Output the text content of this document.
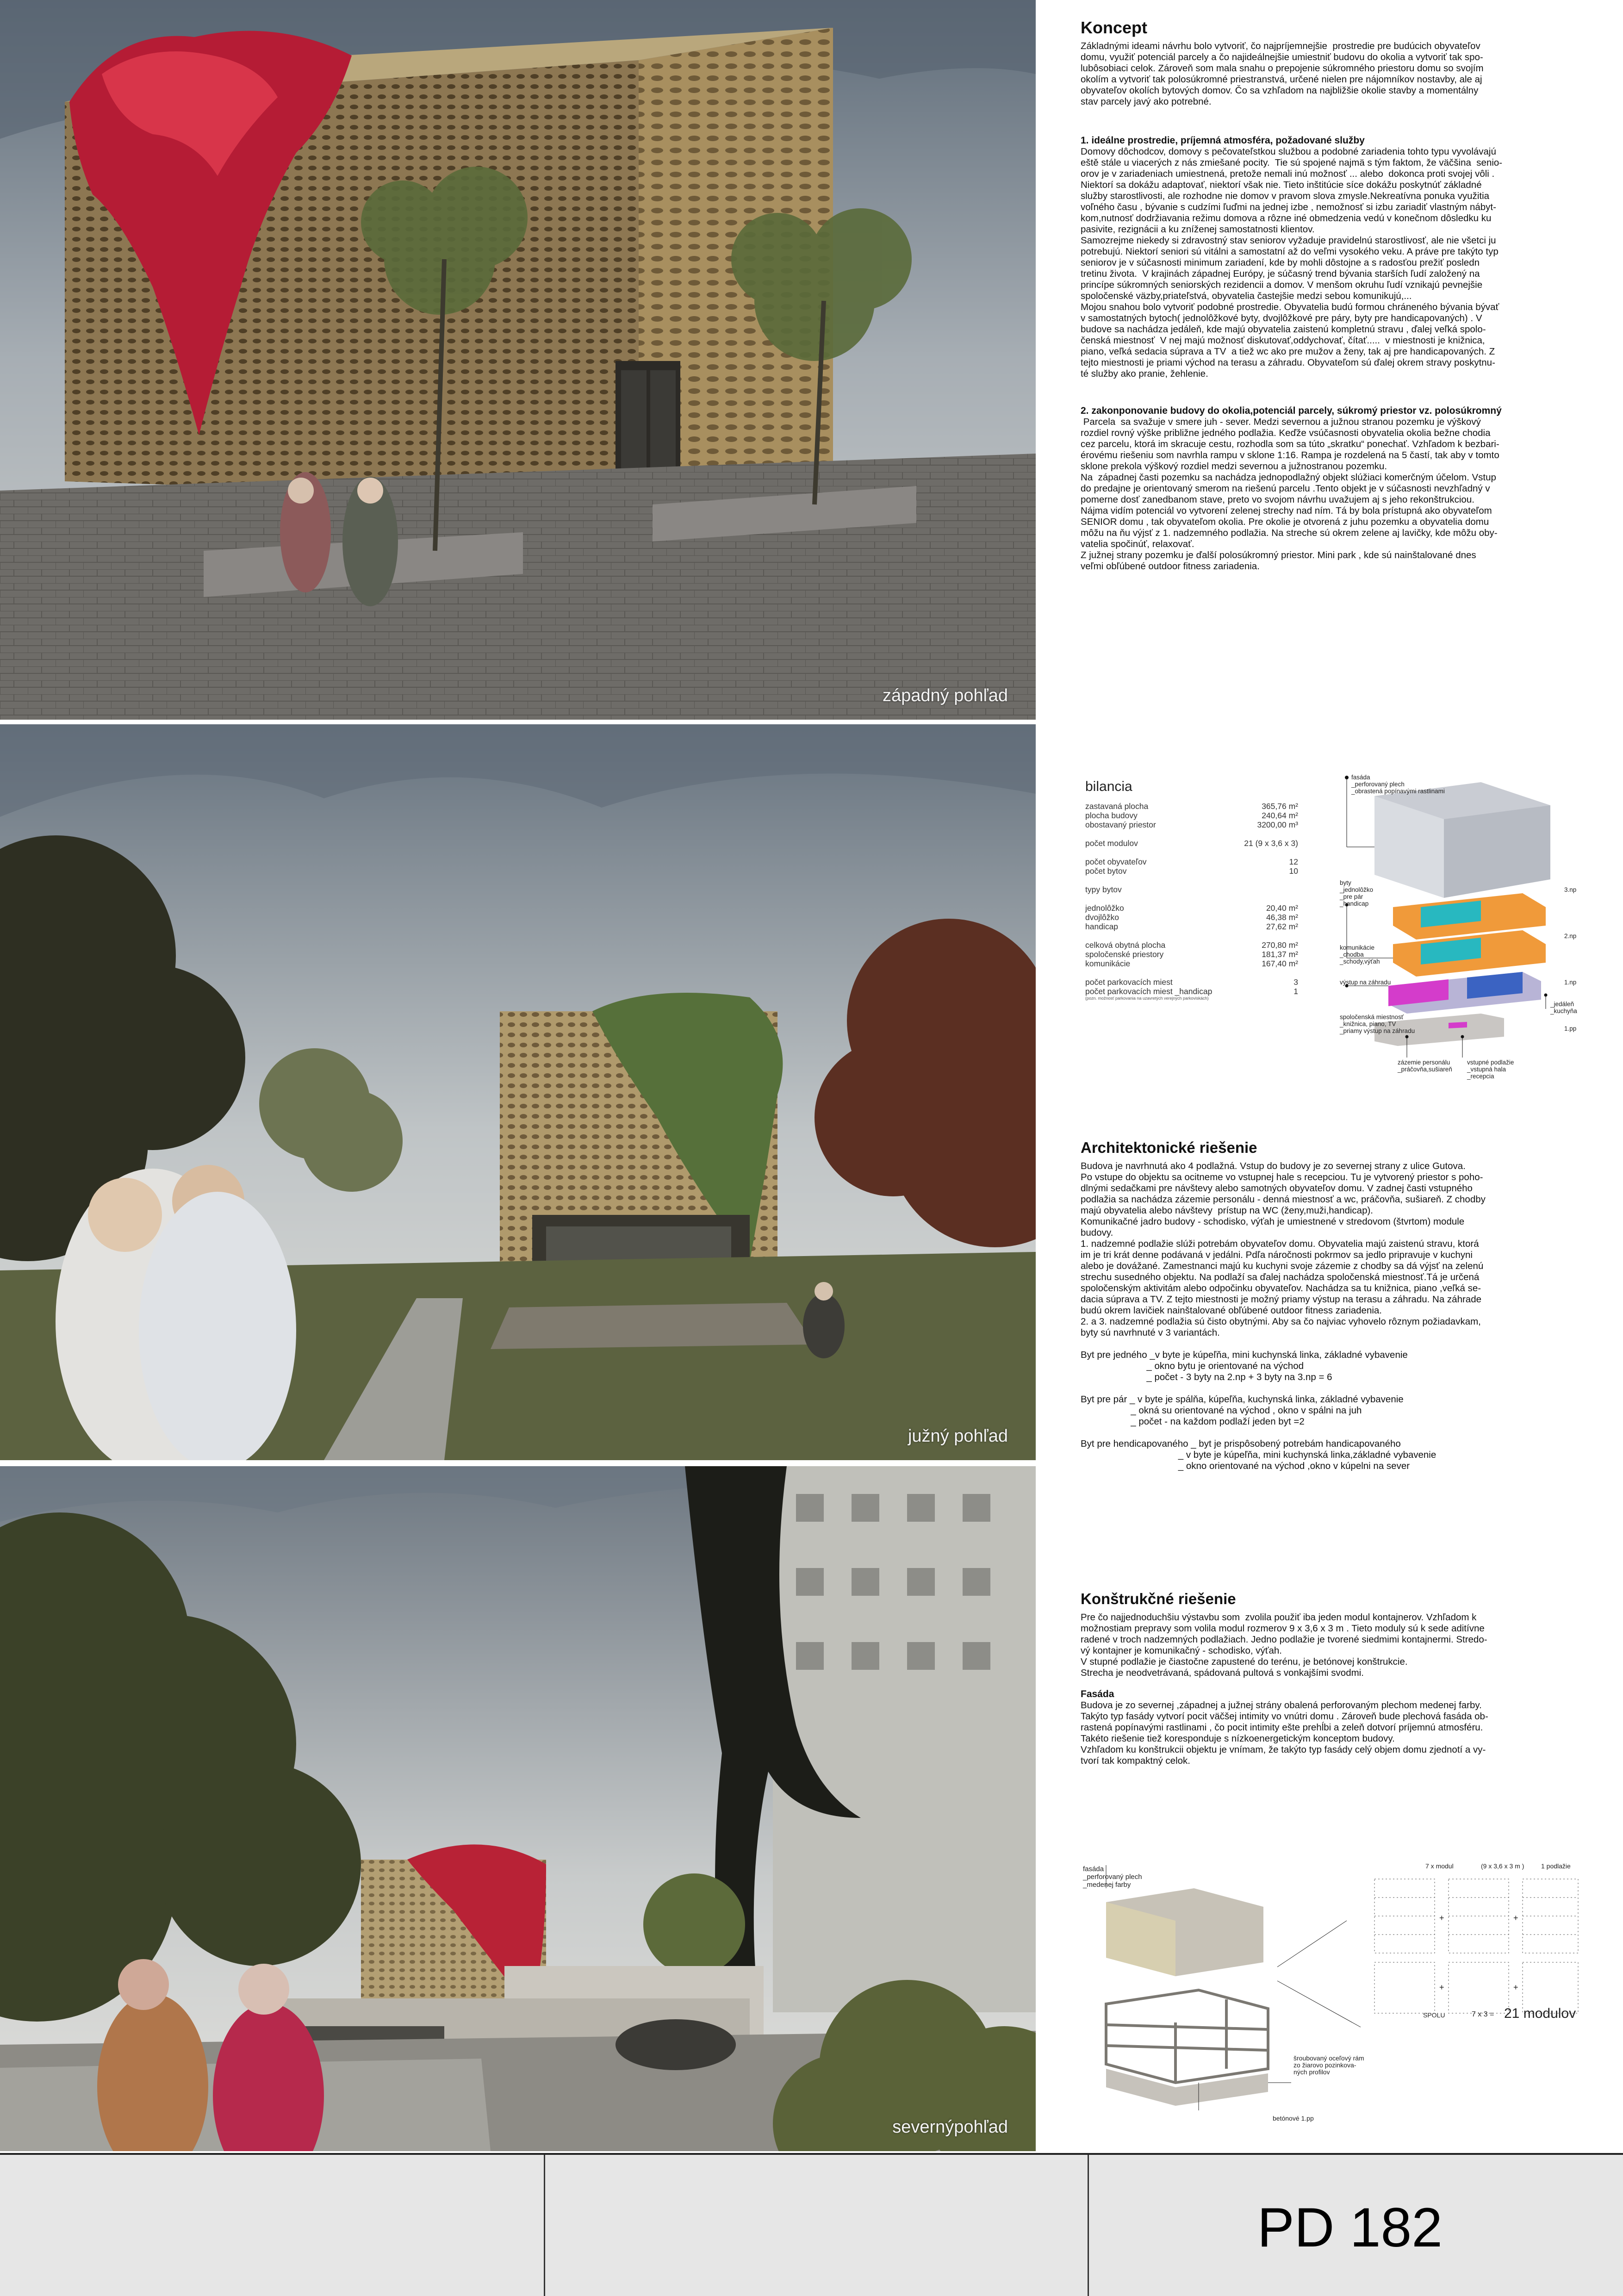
západný pohľad
južný pohľad
severnýpohľad
Koncept

Základnými ideami návrhu bolo vytvoriť, čo najpríjemnejšie  prostredie pre budúcich obyvateľov
domu, využiť potenciál parcely a čo najideálnejšie umiestniť budovu do okolia a vytvoriť tak spo-
lubôsobiaci celok. Zároveň som mala snahu o prepojenie súkromného priestoru domu so svojím
okolím a vytvoriť tak polosúkromné priestranstvá, určené nielen pre nájomníkov nostavby, ale aj
obyvateľov okolích bytových domov. Čo sa vzhľadom na najbližšie okolie stavby a momentálny
stav parcely javý ako potrebné.

1. ideálne prostredie, príjemná atmosféra, požadované služby

Domovy dôchodcov, domovy s pečovateľstkou službou a podobné zariadenia tohto typu vyvolávajú
eště stále u viacerých z nás zmiešané pocity.  Tie sú spojené najmä s tým faktom, že väčšina  senio-
orov je v zariadeniach umiestnená, pretože nemali inú možnosť ... alebo  dokonca proti svojej vôli .
Niektorí sa dokážu adaptovať, niektorí však nie. Tieto inštitúcie síce dokážu poskytnúť základné
služby starostlivosti, ale rozhodne nie domov v pravom slova zmysle.Nekreatívna ponuka využitia
voľného času , bývanie s cudzími ľuďmi na jednej izbe , nemožnosť si izbu zariadiť vlastným nábyt-
kom,nutnosť dodržiavania režimu domova a rôzne iné obmedzenia vedú v konečnom dôsledku ku
pasivite, rezignácii a ku zníženej samostatnosti klientov.
Samozrejme niekedy si zdravostný stav seniorov vyžaduje pravidelnú starostlivosť, ale nie všetci ju
potrebujú. Niektorí seniori sú vitálni a samostatní až do veľmi vysokého veku. A práve pre takýto typ
seniorov je v súčasnosti minimum zariadení, kde by mohli dôstojne a s radosťou prežiť posledn
tretinu života.  V krajinách západnej Európy, je súčasný trend bývania starších ľudí založený na
princípe súkromných seniorských rezidencii a domov. V menšom okruhu ľudí vznikajú pevnejšie
spoločenské väzby,priateľstvá, obyvatelia častejšie medzi sebou komunikujú,...
Mojou snahou bolo vytvoriť podobné prostredie. Obyvatelia budú formou chráneného bývania bývať
v samostatných bytoch( jednolôžkové byty, dvojlôžkové pre páry, byty pre handicapovaných) . V
budove sa nachádza jedáleň, kde majú obyvatelia zaistenú kompletnú stravu , ďalej veľká spolo-
čenská miestnosť  V nej majú možnosť diskutovať,oddychovať, čítať.....  v miestnosti je knižnica,
piano, veľká sedacia súprava a TV  a tiež wc ako pre mužov a ženy, tak aj pre handicapovaných. Z
tejto miestnosti je priami východ na terasu a záhradu. Obyvateľom sú ďalej okrem stravy poskytnu-
té služby ako pranie, žehlenie.

2. zakonponovanie budovy do okolia,potenciál parcely, súkromý priestor vz. polosúkromný

Parcela  sa svažuje v smere juh - sever. Medzi severnou a južnou stranou pozemku je výškový
rozdiel rovný výške približne jedného podlažia. Keďže vsúčasnosti obyvatelia okolia bežne chodia
cez parcelu, ktorá im skracuje cestu, rozhodla som sa túto „skratku“ ponechať. Vzhľadom k bezbari-
érovému riešeniu som navrhla rampu v sklone 1:16. Rampa je rozdelená na 5 častí, tak aby v tomto
sklone prekola výškový rozdiel medzi severnou a južnostranou pozemku.
Na  západnej časti pozemku sa nachádza jednopodlažný objekt slúžiaci komerčným účelom. Vstup
do predajne je orientovaný smerom na riešenú parcelu .Tento objekt je v súčasnosti nevzhľadný v
pomerne dosť zanedbanom stave, preto vo svojom návrhu uvažujem aj s jeho rekonštrukciou.
Nájma vidím potenciál vo vytvorení zelenej strechy nad ním. Tá by bola prístupná ako obyvateľom
SENIOR domu , tak obyvateľom okolia. Pre okolie je otvorená z juhu pozemku a obyvatelia domu
môžu na ňu výjsť z 1. nadzemného podlažia. Na streche sú okrem zelene aj lavičky, kde môžu oby-
vatelia spočinúť, relaxovať.
Z južnej strany pozemku je ďalší polosúkromný priestor. Mini park , kde sú nainštalované dnes
veľmi obľúbené outdoor fitness zariadenia.

bilancia
zastavaná plocha	365,76 m²
plocha budovy	240,64 m²
obostavaný priestor	3200,00 m³
počet modulov	21 (9 x 3,6 x 3)
počet obyvateľov	12
počet bytov	10
typy bytov
jednolôžko	20,40 m²
dvojlôžko	46,38 m²
handicap	27,62 m²
celková obytná plocha	270,80 m²
spoločenské priestory	181,37 m²
komunikácie	167,40 m²
počet parkovacích miest	3
počet parkovacích miest _handicap	1
(pozn. možnosť parkovania na uzavretých verejných parkoviskách)
fasáda
_perforovaný plech
_obrastená popínavými rastlinami
byty
_jednolôžko
_pre pár
_handicap
3.np
2.np
komunikácie
_chodba
_schody,výťah
výstup na záhradu	1.np
_jedáleň
_kuchyňa
spoločenská miestnosť
_knižnica, piano, TV
_priamy výstup na záhradu	1.pp
zázemie personálu
_práčovňa,sušiareň
vstupné podlažie
_vstupná hala
_recepcia
Architektonické riešenie

Budova je navrhnutá ako 4 podlažná. Vstup do budovy je zo severnej strany z ulice Gutova.
Po vstupe do objektu sa ocitneme vo vstupnej hale s recepciou. Tu je vytvorený priestor s poho-
dlnými sedačkami pre návštevy alebo samotných obyvateľov domu. V zadnej časti vstupného
podlažia sa nachádza zázemie personálu - denná miestnosť a wc, práčovňa, sušiareň. Z chodby
majú obyvatelia alebo návštevy  prístup na WC (ženy,muži,handicap).
Komunikačné jadro budovy - schodisko, výťah je umiestnené v stredovom (štvrtom) module
budovy.
1. nadzemné podlažie slúži potrebám obyvateľov domu. Obyvatelia majú zaistenú stravu, ktorá
im je tri krát denne podávaná v jedálni. Pdľa náročnosti pokrmov sa jedlo pripravuje v kuchyni
alebo je dovážané. Zamestnanci majú ku kuchyni svoje zázemie z chodby sa dá výjsť na zelenú
strechu susedného objektu. Na podlaží sa ďalej nachádza spoločenská miestnosť.Tá je určená
spoločenským aktivitám alebo odpočinku obyvateľov. Nachádza sa tu knižnica, piano ,veľká se-
dacia súprava a TV. Z tejto miestnosti je možný priamy výstup na terasu a záhradu. Na záhrade
budú okrem lavičiek nainštalované obľúbené outdoor fitness zariadenia.
2. a 3. nadzemné podlažia sú čisto obytnými. Aby sa čo najviac vyhovelo rôznym požiadavkam,
byty sú navrhnuté v 3 variantách.

Byt pre jedného _v byte je kúpeľňa, mini kuchynská linka, základné vybavenie
_ okno bytu je orientované na východ
_ počet - 3 byty na 2.np + 3 byty na 3.np = 6

Byt pre pár _ v byte je spálňa, kúpeľňa, kuchynská linka, základné vybavenie
_ okná su orientované na východ , okno v spálni na juh
_ počet - na každom podlaží jeden byt =2

Byt pre hendicapovaného _ byt je prispôsobený potrebám handicapovaného
_ v byte je kúpeľňa, mini kuchynská linka,základné vybavenie
_ okno orientované na východ ,okno v kúpelni na sever

Konštrukčné riešenie

Pre čo najjednoduchšiu výstavbu som  zvolila použiť iba jeden modul kontajnerov. Vzhľadom k
možnostiam prepravy som volila modul rozmerov 9 x 3,6 x 3 m . Tieto moduly sú k sede aditívne
radené v troch nadzemných podlažiach. Jedno podlažie je tvorené siedmimi kontajnermi. Stredo-
vý kontajner je komunikačný - schodisko, výťah.
V stupné podlažie je čiastočne zapustené do terénu, je betónovej konštrukcie.
Strecha je neodvetrávaná, spádovaná pultová s vonkajšími svodmi.

Fasáda

Budova je zo severnej ,západnej a južnej strány obalená perforovaným plechom medenej farby.
Takýto typ fasády vytvorí pocit väčšej intimity vo vnútri domu . Zároveň bude plechová fasáda ob-
rastená popínavými rastlinami , čo pocit intimity ešte prehĺbi a zeleň dotvorí príjemnú atmosféru.
Takéto riešenie tiež koresponduje s nízkoenergetickým konceptom budovy.
Vzhľadom ku konštrukcii objektu je vnímam, že takýto typ fasády celý objem domu zjednotí a vy-
tvorí tak kompaktný celok.

+	+
+	+
fasáda
_perforovaný plech
_medenej farby
7 x modul	(9 x 3,6 x 3 m )	1 podlažie
SPOLU	7 x 3 = 21 modulov
šroubovaný oceľový rám
zo žiarovo pozinkova-
ných profilov
betónové 1.pp
PD 182
